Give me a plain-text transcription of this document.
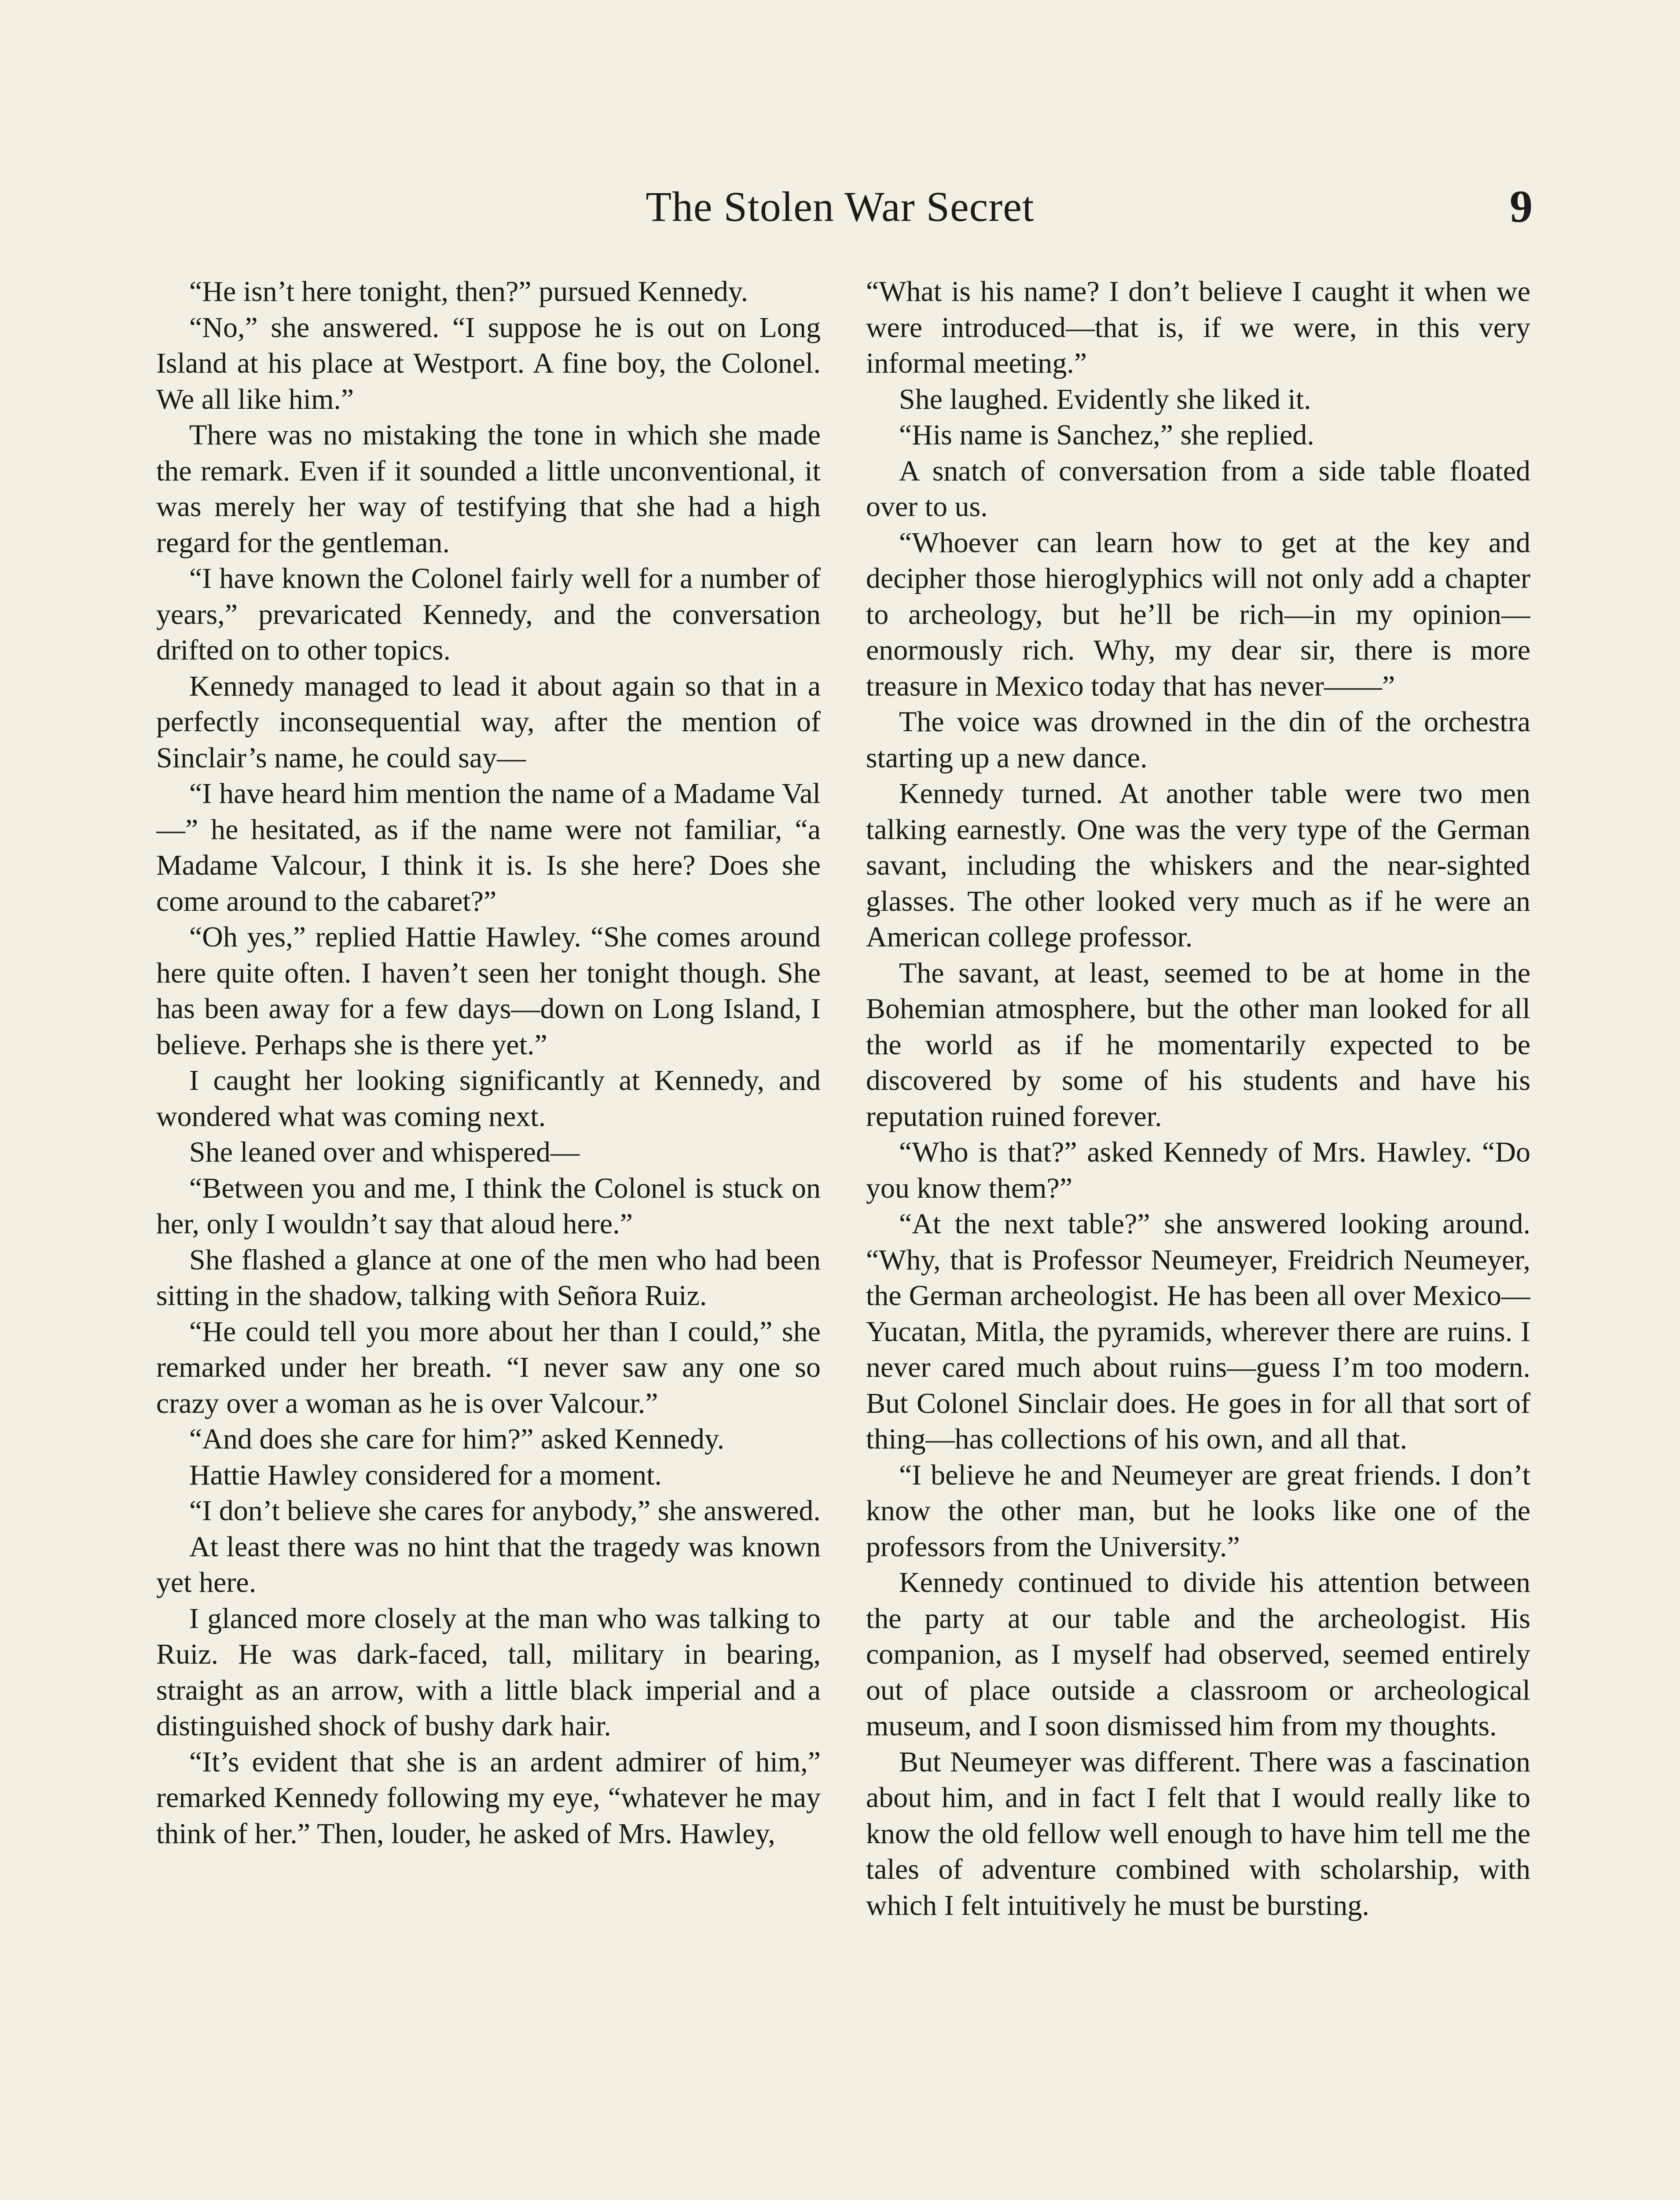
The Stolen War Secret	9

“He isn’t here tonight, then?” pursued Kennedy.

“No,” she answered. “I suppose he is out on Long Island at his place at Westport. A fine boy, the Colonel. We all like him.”

There was no mistaking the tone in which she made the remark. Even if it sounded a little unconventional, it was merely her way of testifying that she had a high regard for the gentleman.

“I have known the Colonel fairly well for a number of years,” prevaricated Kennedy, and the conversation drifted on to other topics.

Kennedy managed to lead it about again so that in a perfectly inconsequential way, after the mention of Sinclair’s name, he could say—

“I have heard him mention the name of a Madame Val—” he hesitated, as if the name were not familiar, “a Madame Valcour, I think it is. Is she here? Does she come around to the cabaret?”

“Oh yes,” replied Hattie Hawley. “She comes around here quite often. I haven’t seen her tonight though. She has been away for a few days—down on Long Island, I believe. Perhaps she is there yet.”

I caught her looking significantly at Kennedy, and wondered what was coming next.

She leaned over and whispered—

“Between you and me, I think the Colonel is stuck on her, only I wouldn’t say that aloud here.”

She flashed a glance at one of the men who had been sitting in the shadow, talking with Señora Ruiz.

“He could tell you more about her than I could,” she remarked under her breath. “I never saw any one so crazy over a woman as he is over Valcour.”

“And does she care for him?” asked Kennedy.

Hattie Hawley considered for a moment.

“I don’t believe she cares for anybody,” she answered.

At least there was no hint that the tragedy was known yet here.

I glanced more closely at the man who was talking to Ruiz. He was dark-faced, tall, military in bearing, straight as an arrow, with a little black imperial and a distinguished shock of bushy dark hair.

“It’s evident that she is an ardent admirer of him,” remarked Kennedy following my eye, “whatever he may think of her.” Then, louder, he asked of Mrs. Hawley,

“What is his name? I don’t believe I caught it when we were introduced—that is, if we were, in this very informal meeting.”

She laughed. Evidently she liked it.

“His name is Sanchez,” she replied.

A snatch of conversation from a side table floated over to us.

“Whoever can learn how to get at the key and decipher those hieroglyphics will not only add a chapter to archeology, but he’ll be rich—in my opinion—enormously rich. Why, my dear sir, there is more treasure in Mexico today that has never——”

The voice was drowned in the din of the orchestra starting up a new dance.

Kennedy turned. At another table were two men talking earnestly. One was the very type of the German savant, including the whiskers and the near-sighted glasses. The other looked very much as if he were an American college professor.

The savant, at least, seemed to be at home in the Bohemian atmosphere, but the other man looked for all the world as if he momentarily expected to be discovered by some of his students and have his reputation ruined forever.

“Who is that?” asked Kennedy of Mrs. Hawley. “Do you know them?”

“At the next table?” she answered looking around. “Why, that is Professor Neumeyer, Freidrich Neumeyer, the German archeologist. He has been all over Mexico—Yucatan, Mitla, the pyramids, wherever there are ruins. I never cared much about ruins—guess I’m too modern. But Colonel Sinclair does. He goes in for all that sort of thing—has collections of his own, and all that.

“I believe he and Neumeyer are great friends. I don’t know the other man, but he looks like one of the professors from the University.”

Kennedy continued to divide his attention between the party at our table and the archeologist. His companion, as I myself had observed, seemed entirely out of place outside a classroom or archeological museum, and I soon dismissed him from my thoughts.

But Neumeyer was different. There was a fascination about him, and in fact I felt that I would really like to know the old fellow well enough to have him tell me the tales of adventure combined with scholarship, with which I felt intuitively he must be bursting.
